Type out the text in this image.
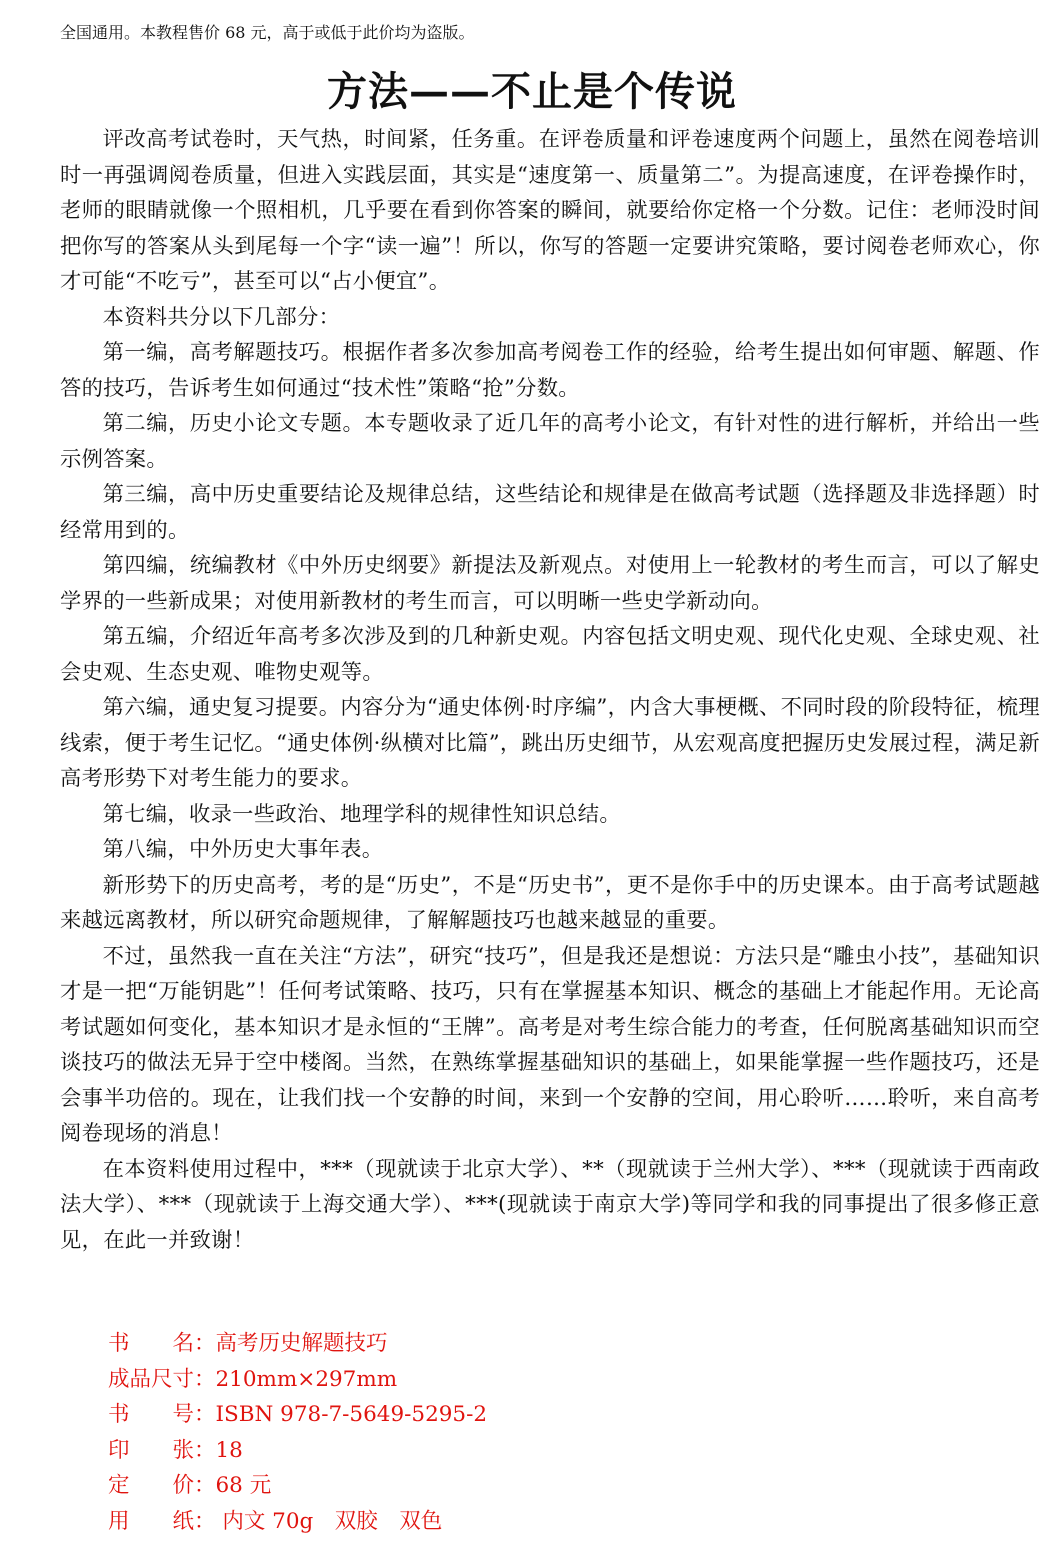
全国通用。本教程售价 68 元，高于或低于此价均为盗版。
方法——不止是个传说

评改高考试卷时，天气热，时间紧，任务重。在评卷质量和评卷速度两个问题上，虽然在阅卷培训时一再强调阅卷质量，但进入实践层面，其实是“速度第一、质量第二”。为提高速度，在评卷操作时，老师的眼睛就像一个照相机，几乎要在看到你答案的瞬间，就要给你定格一个分数。记住：老师没时间把你写的答案从头到尾每一个字“读一遍”！所以，你写的答题一定要讲究策略，要讨阅卷老师欢心，你才可能“不吃亏”，甚至可以“占小便宜”。

本资料共分以下几部分：

第一编，高考解题技巧。根据作者多次参加高考阅卷工作的经验，给考生提出如何审题、解题、作答的技巧，告诉考生如何通过“技术性”策略“抢”分数。

第二编，历史小论文专题。本专题收录了近几年的高考小论文，有针对性的进行解析，并给出一些示例答案。

第三编，高中历史重要结论及规律总结，这些结论和规律是在做高考试题（选择题及非选择题）时经常用到的。

第四编，统编教材《中外历史纲要》新提法及新观点。对使用上一轮教材的考生而言，可以了解史学界的一些新成果；对使用新教材的考生而言，可以明晰一些史学新动向。

第五编，介绍近年高考多次涉及到的几种新史观。内容包括文明史观、现代化史观、全球史观、社会史观、生态史观、唯物史观等。

第六编，通史复习提要。内容分为“通史体例·时序编”，内含大事梗概、不同时段的阶段特征，梳理线索，便于考生记忆。“通史体例·纵横对比篇”，跳出历史细节，从宏观高度把握历史发展过程，满足新高考形势下对考生能力的要求。

第七编，收录一些政治、地理学科的规律性知识总结。

第八编，中外历史大事年表。

新形势下的历史高考，考的是“历史”，不是“历史书”，更不是你手中的历史课本。由于高考试题越来越远离教材，所以研究命题规律，了解解题技巧也越来越显的重要。

不过，虽然我一直在关注“方法”，研究“技巧”，但是我还是想说：方法只是“雕虫小技”，基础知识才是一把“万能钥匙”！任何考试策略、技巧，只有在掌握基本知识、概念的基础上才能起作用。无论高考试题如何变化，基本知识才是永恒的“王牌”。高考是对考生综合能力的考查，任何脱离基础知识而空谈技巧的做法无异于空中楼阁。当然，在熟练掌握基础知识的基础上，如果能掌握一些作题技巧，还是会事半功倍的。现在，让我们找一个安静的时间，来到一个安静的空间，用心聆听……聆听，来自高考阅卷现场的消息！

在本资料使用过程中，***（现就读于北京大学）、**（现就读于兰州大学）、***（现就读于西南政法大学）、***（现就读于上海交通大学）、***(现就读于南京大学)等同学和我的同事提出了很多修正意见，在此一并致谢！

书　　名：高考历史解题技巧
成品尺寸：210mm×297mm
书　　号：ISBN 978-7-5649-5295-2
印　　张：18
定　　价：68 元
用　　纸： 内文 70g　双胶　双色
